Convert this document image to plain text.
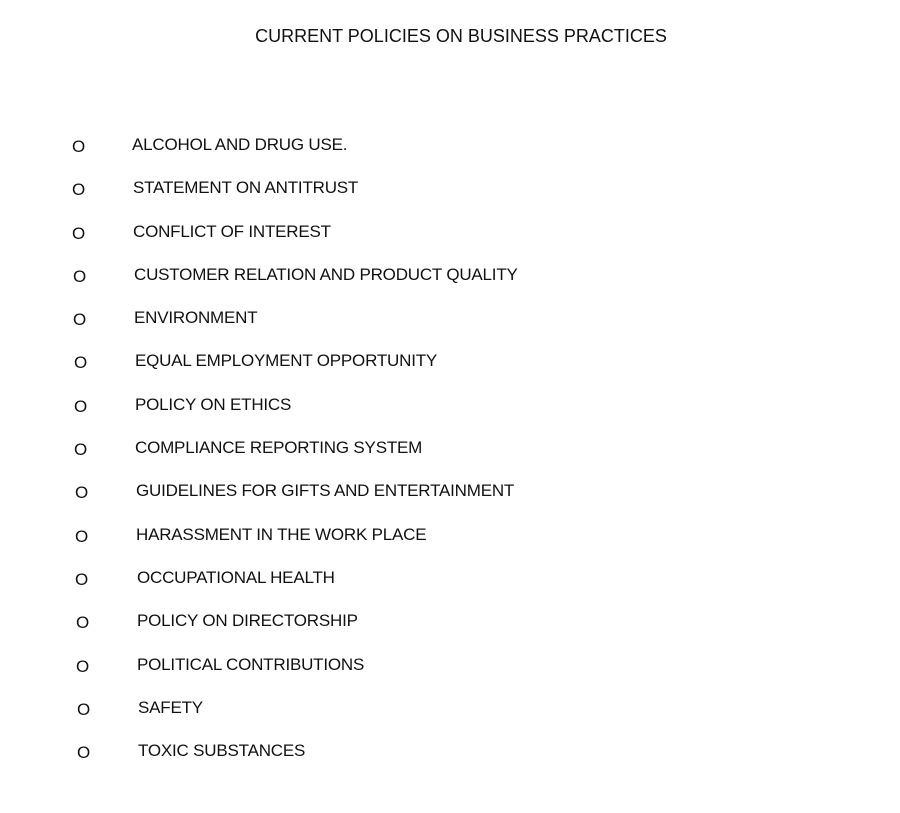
CURRENT POLICIES ON BUSINESS PRACTICES
O	ALCOHOL AND DRUG USE.
O	STATEMENT ON ANTITRUST
O	CONFLICT OF INTEREST
O	CUSTOMER RELATION AND PRODUCT QUALITY
O	ENVIRONMENT
O	EQUAL EMPLOYMENT OPPORTUNITY
O	POLICY ON ETHICS
O	COMPLIANCE REPORTING SYSTEM
O	GUIDELINES FOR GIFTS AND ENTERTAINMENT
O	HARASSMENT IN THE WORK PLACE
O	OCCUPATIONAL HEALTH
O	POLICY ON DIRECTORSHIP
O	POLITICAL CONTRIBUTIONS
O	SAFETY
O	TOXIC SUBSTANCES
